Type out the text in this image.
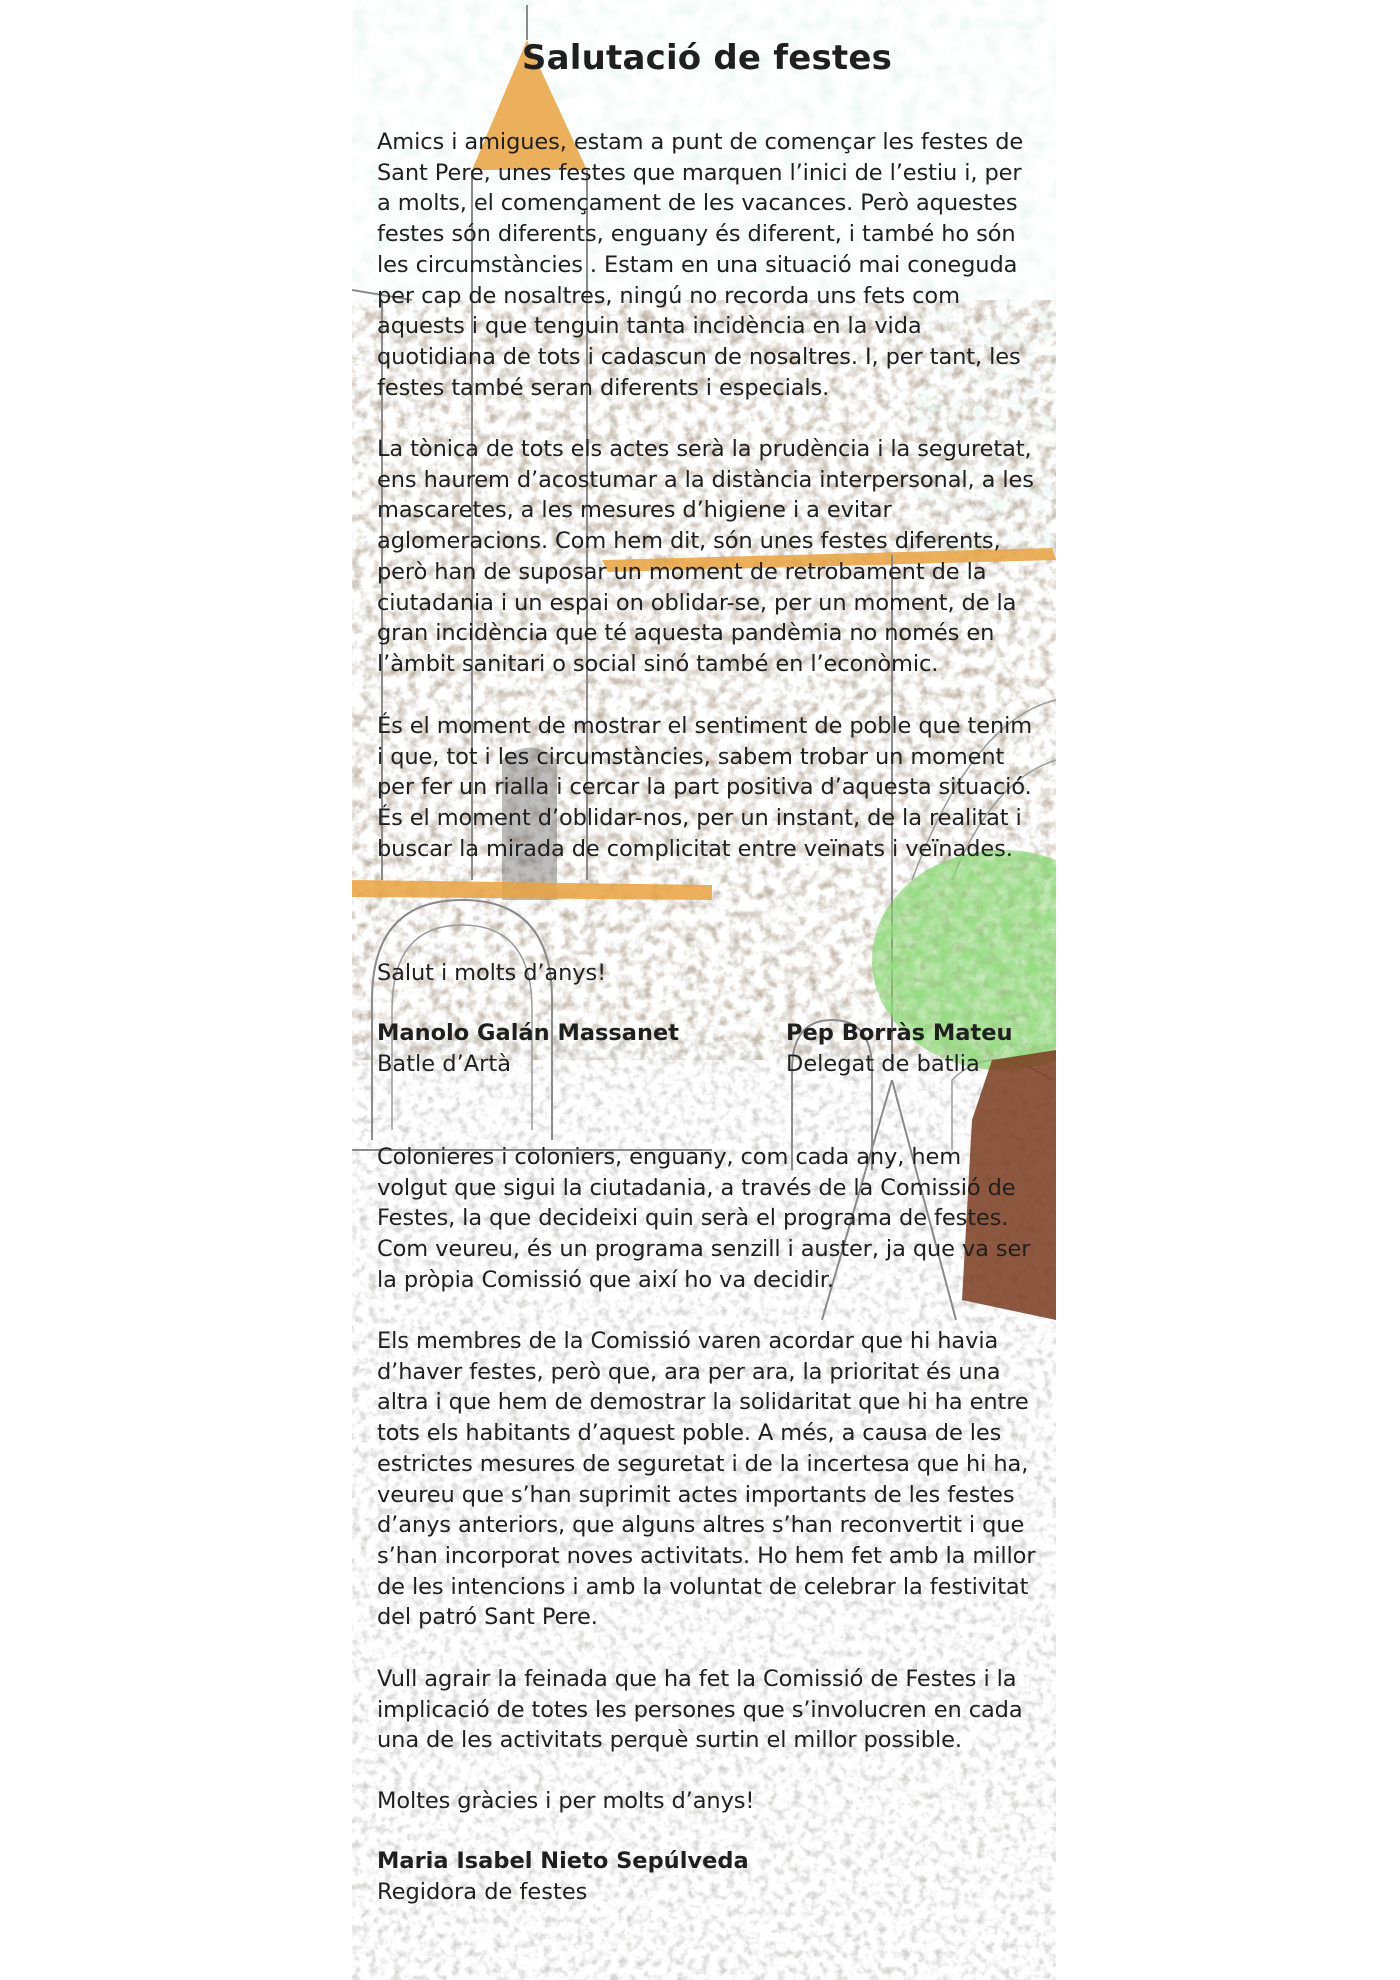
Salutació de festes

Amics i amigues, estam a punt de començar les festes de Sant Pere, unes festes que marquen l’inici de l’estiu i, per a molts, el començament de les vacances. Però aquestes festes són diferents, enguany és diferent, i també ho són les circumstàncies . Estam en una situació mai coneguda per cap de nosaltres, ningú no recorda uns fets com aquests i que tenguin tanta incidència en la vida quotidiana de tots i cadascun de nosaltres. I, per tant, les festes també seran diferents i especials.

La tònica de tots els actes serà la prudència i la seguretat, ens haurem d’acostumar a la distància interpersonal, a les mascaretes, a les mesures d’higiene i a evitar aglomeracions. Com hem dit, són unes festes diferents, però han de suposar un moment de retrobament de la ciutadania i un espai on oblidar-se, per un moment, de la gran incidència que té aquesta pandèmia no només en l’àmbit sanitari o social sinó també en l’econòmic.

És el moment de mostrar el sentiment de poble que tenim i que, tot i les circumstàncies, sabem trobar un moment per fer un rialla i cercar la part positiva d’aquesta situació. És el moment d’oblidar-nos, per un instant, de la realitat i buscar la mirada de complicitat entre veïnats i veïnades.

Salut i molts d’anys!

Manolo Galán Massanet
Batle d’Artà
Pep Borràs Mateu
Delegat de batlia

Colonieres i coloniers, enguany, com cada any, hem volgut que sigui la ciutadania, a través de la Comissió de Festes, la que decideixi quin serà el programa de festes. Com veureu, és un programa senzill i auster, ja que va ser la pròpia Comissió que així ho va decidir.

Els membres de la Comissió varen acordar que hi havia d’haver festes, però que, ara per ara, la prioritat és una altra i que hem de demostrar la solidaritat que hi ha entre tots els habitants d’aquest poble. A més, a causa de les estrictes mesures de seguretat i de la incertesa que hi ha, veureu que s’han suprimit actes importants de les festes d’anys anteriors, que alguns altres s’han reconvertit i que s’han incorporat noves activitats. Ho hem fet amb la millor de les intencions i amb la voluntat de celebrar la festivitat del patró Sant Pere.

Vull agrair la feinada que ha fet la Comissió de Festes i la implicació de totes les persones que s’involucren en cada una de les activitats perquè surtin el millor possible.

Moltes gràcies i per molts d’anys!

Maria Isabel Nieto Sepúlveda
Regidora de festes
